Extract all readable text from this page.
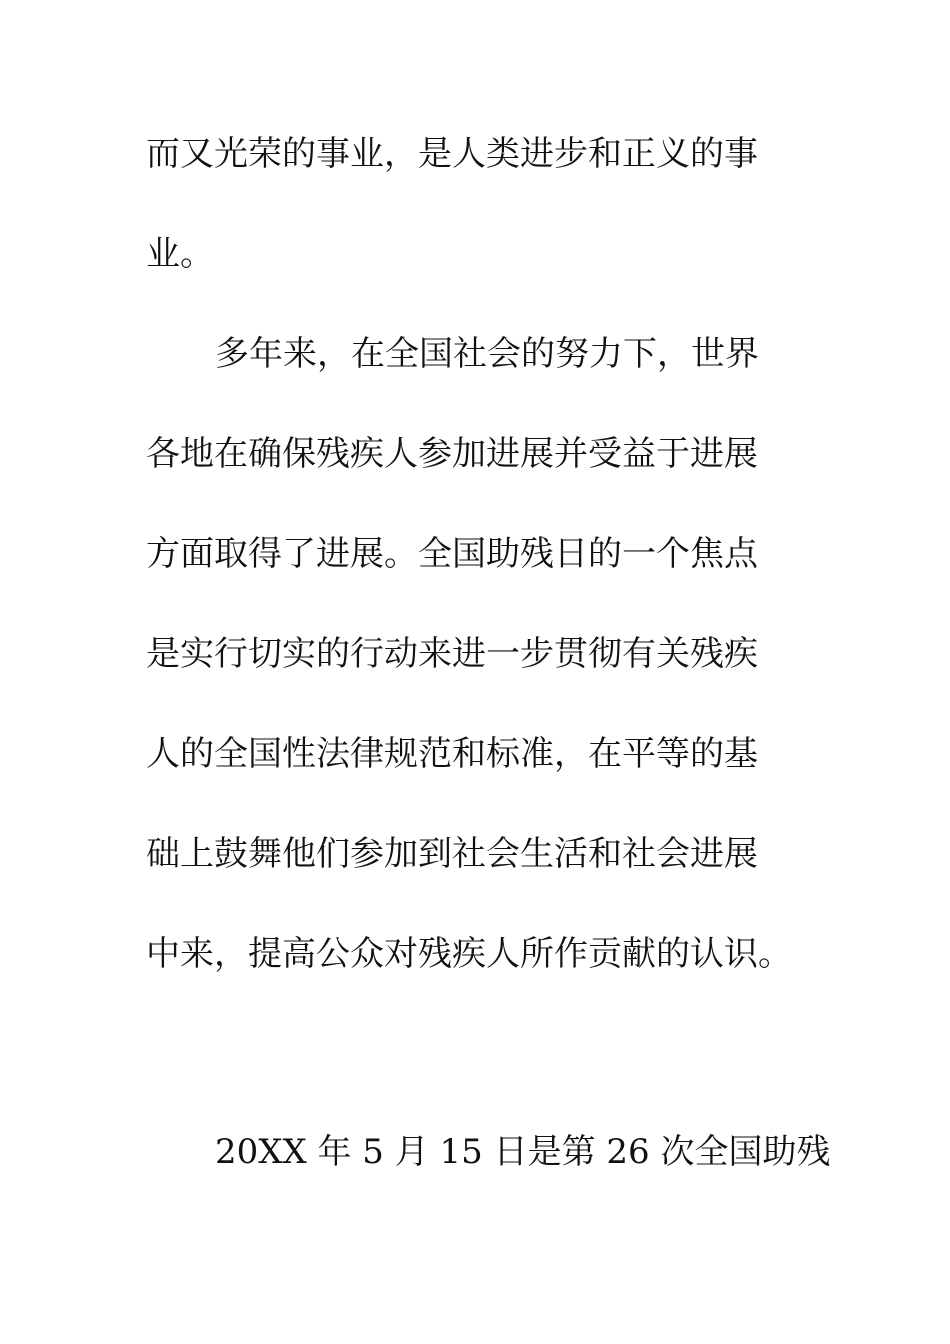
而又光荣的事业，是人类进步和正义的事

业。

多年来，在全国社会的努力下，世界

各地在确保残疾人参加进展并受益于进展

方面取得了进展。全国助残日的一个焦点

是实行切实的行动来进一步贯彻有关残疾

人的全国性法律规范和标准，在平等的基

础上鼓舞他们参加到社会生活和社会进展

中来，提高公众对残疾人所作贡献的认识。

20XX 年 5 月 15 日是第 26 次全国助残
